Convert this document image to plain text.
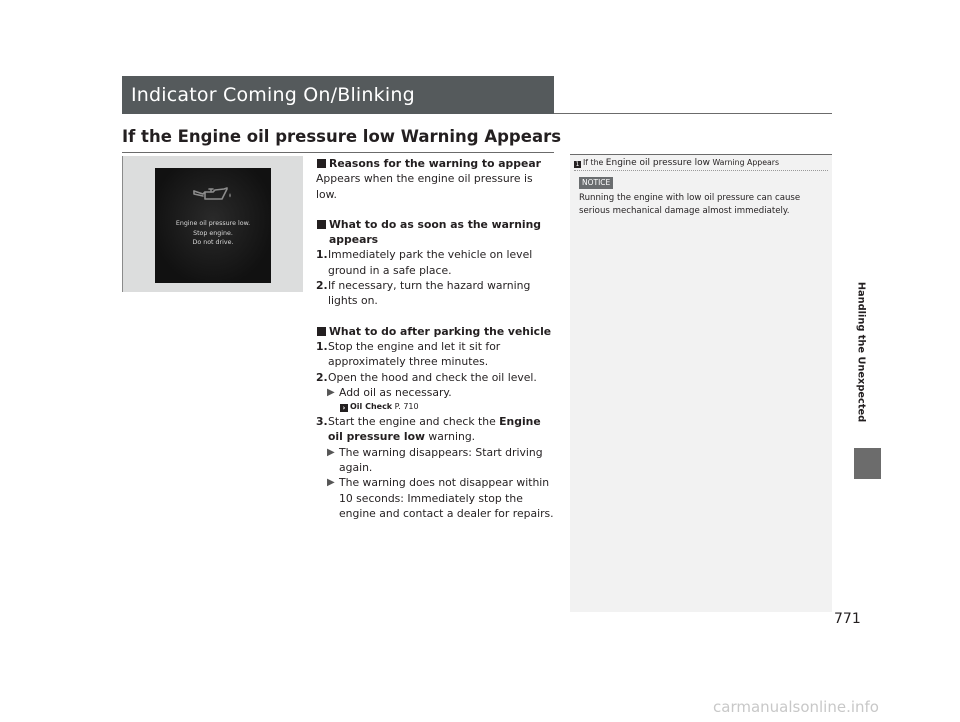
Indicator Coming On/Blinking
If the Engine oil pressure low Warning Appears
Engine oil pressure low.
Stop engine.
Do not drive.
Reasons for the warning to appear
Appears when the engine oil pressure is low.
What to do as soon as the warning
appears
1. Immediately park the vehicle on level ground in a safe place.
2. If necessary, turn the hazard warning lights on.
What to do after parking the vehicle
1. Stop the engine and let it sit for approximately three minutes.
2. Open the hood and check the oil level.
▶ Add oil as necessary.
› Oil Check P. 710
3. Start the engine and check the Engine oil pressure low warning.
▶ The warning disappears: Start driving again.
▶ The warning does not disappear within 10 seconds: Immediately stop the engine and contact a dealer for repairs.
1 If the Engine oil pressure low Warning Appears
NOTICE
Running the engine with low oil pressure can cause serious mechanical damage almost immediately.
Handling the Unexpected
771
carmanualsonline.info
